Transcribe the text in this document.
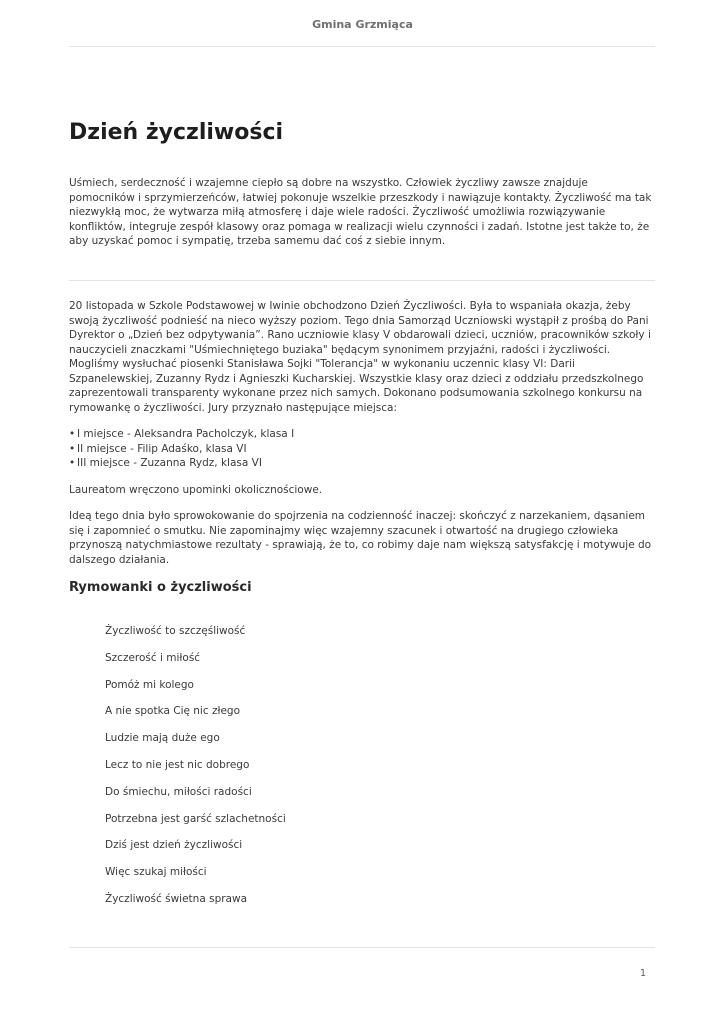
Gmina Grzmiąca
Dzień życzliwości

Uśmiech, serdeczność i wzajemne ciepło są dobre na wszystko. Człowiek życzliwy zawsze znajduje pomocników i sprzymierzeńców, łatwiej pokonuje wszelkie przeszkody i nawiązuje kontakty. Życzliwość ma tak niezwykłą moc, że wytwarza miłą atmosferę i daje wiele radości. Życzliwość umożliwia rozwiązywanie konfliktów, integruje zespół klasowy oraz pomaga w realizacji wielu czynności i zadań. Istotne jest także to, że aby uzyskać pomoc i sympatię, trzeba samemu dać coś z siebie innym.

20 listopada w Szkole Podstawowej w Iwinie obchodzono Dzień Życzliwości. Była to wspaniała okazja, żeby swoją życzliwość podnieść na nieco wyższy poziom. Tego dnia Samorząd Uczniowski wystąpił z prośbą do Pani Dyrektor o „Dzień bez odpytywania”. Rano uczniowie klasy V obdarowali dzieci, uczniów, pracowników szkoły i nauczycieli znaczkami "Uśmiechniętego buziaka" będącym synonimem przyjaźni, radości i życzliwości. Mogliśmy wysłuchać piosenki Stanisława Sojki "Tolerancja" w wykonaniu uczennic klasy VI: Darii Szpanelewskiej, Zuzanny Rydz i Agnieszki Kucharskiej. Wszystkie klasy oraz dzieci z oddziału przedszkolnego zaprezentowali transparenty wykonane przez nich samych. Dokonano podsumowania szkolnego konkursu na rymowankę o życzliwości. Jury przyznało następujące miejsca:

• I miejsce - Aleksandra Pacholczyk, klasa I
• II miejsce - Filip Adaśko, klasa VI
• III miejsce - Zuzanna Rydz, klasa VI

Laureatom wręczono upominki okolicznościowe.

Ideą tego dnia było sprowokowanie do spojrzenia na codzienność inaczej: skończyć z narzekaniem, dąsaniem się i zapomnieć o smutku. Nie zapominajmy więc wzajemny szacunek i otwartość na drugiego człowieka przynoszą natychmiastowe rezultaty - sprawiają, że to, co robimy daje nam większą satysfakcję i motywuje do dalszego działania.

Rymowanki o życzliwości
Życzliwość to szczęśliwość
Szczerość i miłość
Pomóż mi kolego
A nie spotka Cię nic złego
Ludzie mają duże ego
Lecz to nie jest nic dobrego
Do śmiechu, miłości radości
Potrzebna jest garść szlachetności
Dziś jest dzień życzliwości
Więc szukaj miłości
Życzliwość świetna sprawa
1
